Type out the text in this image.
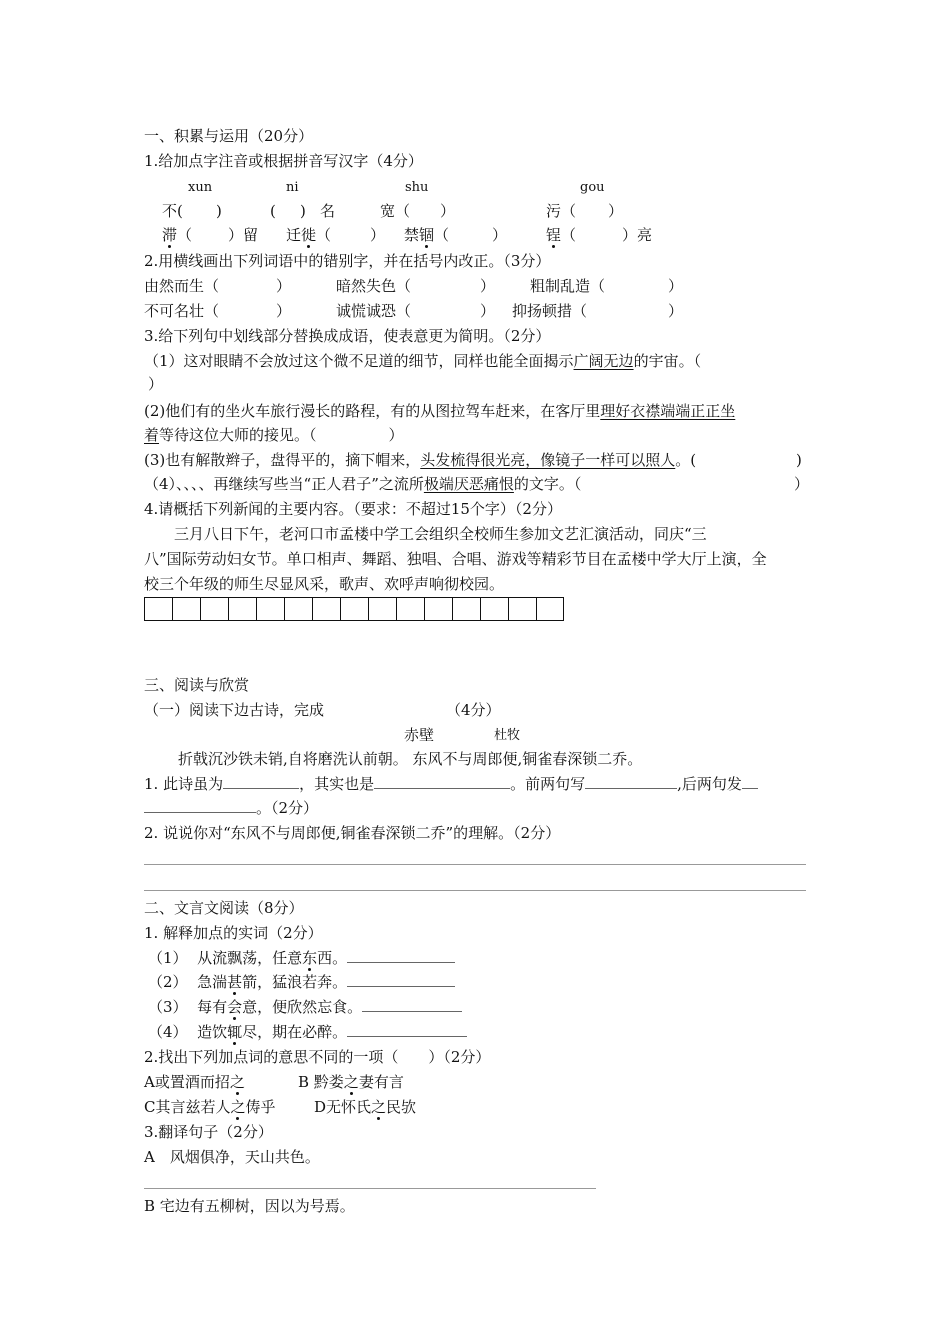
一、积累与运用（20分）
1.给加点字注音或根据拼音写汉字（4分）
xun	ni	shu	gou
不( )	( ) 名	宽（ ）	污（ ）
滞（ ）留 迁徙（	） 禁锢（	）	锃（	）亮
2.用横线画出下列词语中的错别字，并在括号内改正。（3分）
由然而生（	）	暗然失色（	） 粗制乱造（	）
不可名壮（	）	诚慌诚恐（	） 抑扬顿措（	）
3.给下列句中划线部分替换成成语，使表意更为简明。（2分）
（1）这对眼睛不会放过这个微不足道的细节，同样也能全面揭示广阔无边的宇宙。（
）
(2)他们有的坐火车旅行漫长的路程，有的从图拉驾车赶来，在客厅里理好衣襟端端正正坐
着等待这位大师的接见。（	）
(3)也有解散辫子，盘得平的，摘下帽来，头发梳得很光亮，像镜子一样可以照人。(	)
（4）、、、、再继续写些当“正人君子”之流所极端厌恶痛恨的文字。（	）
4.请概括下列新闻的主要内容。（要求：不超过15个字）（2分）
三月八日下午，老河口市孟楼中学工会组织全校师生参加文艺汇演活动，同庆“三
八”国际劳动妇女节。单口相声、舞蹈、独唱、合唱、游戏等精彩节目在孟楼中学大厅上演，全
校三个年级的师生尽显风采，歌声、欢呼声响彻校园。
三、阅读与欣赏
（一）阅读下边古诗，完成	（4分）
赤壁	杜牧
折戟沉沙铁未销,自将磨洗认前朝。 东风不与周郎便,铜雀春深锁二乔。
1. 此诗虽为	，其实也是	。前两句写	,后两句发
。（2分）
2. 说说你对“东风不与周郎便,铜雀春深锁二乔”的理解。（2分）
二、文言文阅读（8分）
1. 解释加点的实词（2分）
（1） 从流飘荡，任意东西。
（2） 急湍甚箭，猛浪若奔。
（3） 每有会意，便欣然忘食。
（4） 造饮辄尽，期在必醉。
2.找出下列加点词的意思不同的一项（ ）（2分）
A或置酒而招之	B 黔娄之妻有言
C其言兹若人之俦乎	D无怀氏之民欤
3.翻译句子（2分）
A　风烟俱净，天山共色。
B 宅边有五柳树，因以为号焉。
